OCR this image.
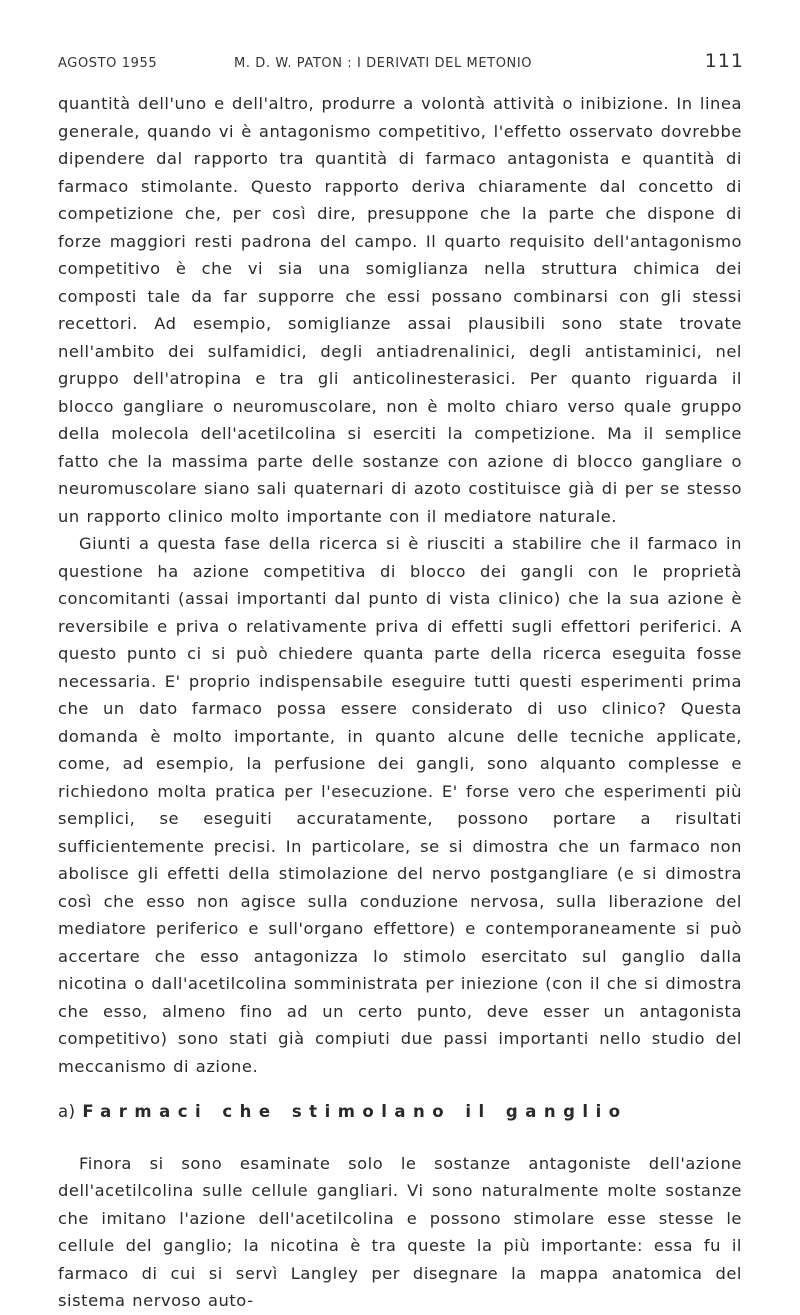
AGOSTO 1955	M. D. W. PATON : I DERIVATI DEL METONIO	111

quantità dell'uno e dell'altro, produrre a volontà attività o inibizione. In linea generale, quando vi è antagonismo competitivo, l'effetto osservato dovrebbe dipendere dal rapporto tra quantità di farmaco antagonista e quantità di farmaco stimolante. Questo rapporto deriva chiaramente dal concetto di competizione che, per così dire, presuppone che la parte che dispone di forze maggiori resti padrona del campo. Il quarto requisito dell'antagonismo competitivo è che vi sia una somiglianza nella struttura chimica dei composti tale da far supporre che essi possano combinarsi con gli stessi recettori. Ad esempio, somiglianze assai plausibili sono state trovate nell'ambito dei sulfamidici, degli antiadrenalinici, degli antistaminici, nel gruppo dell'atropina e tra gli anticolinesterasici. Per quanto riguarda il blocco gangliare o neuromuscolare, non è molto chiaro verso quale gruppo della molecola dell'acetilcolina si eserciti la competizione. Ma il semplice fatto che la massima parte delle sostanze con azione di blocco gangliare o neuromuscolare siano sali quaternari di azoto costituisce già di per se stesso un rapporto clinico molto importante con il mediatore naturale.

Giunti a questa fase della ricerca si è riusciti a stabilire che il farmaco in questione ha azione competitiva di blocco dei gangli con le proprietà concomitanti (assai importanti dal punto di vista clinico) che la sua azione è reversibile e priva o relativamente priva di effetti sugli effettori periferici. A questo punto ci si può chiedere quanta parte della ricerca eseguita fosse necessaria. E' proprio indispensabile eseguire tutti questi esperimenti prima che un dato farmaco possa essere considerato di uso clinico? Questa domanda è molto importante, in quanto alcune delle tecniche applicate, come, ad esempio, la perfusione dei gangli, sono alquanto complesse e richiedono molta pratica per l'esecuzione. E' forse vero che esperimenti più semplici, se eseguiti accuratamente, possono portare a risultati sufficientemente precisi. In particolare, se si dimostra che un farmaco non abolisce gli effetti della stimolazione del nervo postgangliare (e si dimostra così che esso non agisce sulla conduzione nervosa, sulla liberazione del mediatore periferico e sull'organo effettore) e contemporaneamente si può accertare che esso antagonizza lo stimolo esercitato sul ganglio dalla nicotina o dall'acetilcolina somministrata per iniezione (con il che si dimostra che esso, almeno fino ad un certo punto, deve esser un antagonista competitivo) sono stati già compiuti due passi importanti nello studio del meccanismo di azione.

a) Farmaci che stimolano il ganglio

Finora si sono esaminate solo le sostanze antagoniste dell'azione dell'acetilcolina sulle cellule gangliari. Vi sono naturalmente molte sostanze che imitano l'azione dell'acetilcolina e possono stimolare esse stesse le cellule del ganglio; la nicotina è tra queste la più importante: essa fu il farmaco di cui si servì Langley per disegnare la mappa anatomica del sistema nervoso auto-
